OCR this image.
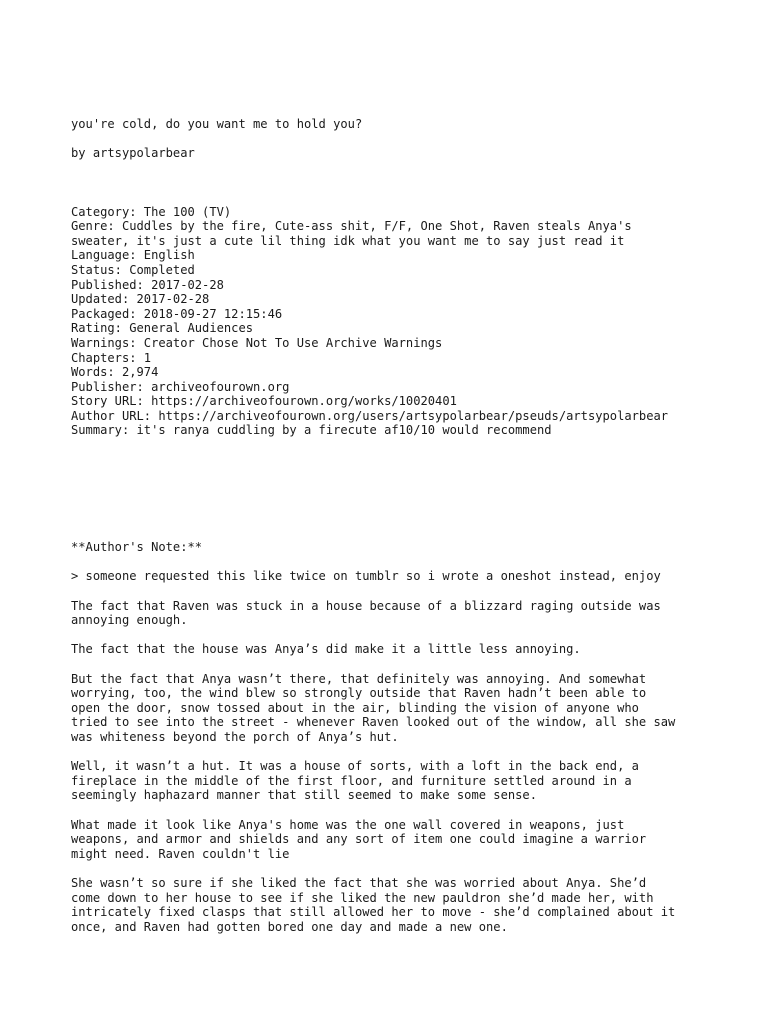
you're cold, do you want me to hold you?
by artsypolarbear
Category: The 100 (TV)
Genre: Cuddles by the fire, Cute-ass shit, F/F, One Shot, Raven steals Anya's
sweater, it's just a cute lil thing idk what you want me to say just read it
Language: English
Status: Completed
Published: 2017-02-28
Updated: 2017-02-28
Packaged: 2018-09-27 12:15:46
Rating: General Audiences
Warnings: Creator Chose Not To Use Archive Warnings
Chapters: 1
Words: 2,974
Publisher: archiveofourown.org
Story URL: https://archiveofourown.org/works/10020401
Author URL: https://archiveofourown.org/users/artsypolarbear/pseuds/artsypolarbear
Summary: it's ranya cuddling by a firecute af10/10 would recommend
**Author's Note:**
> someone requested this like twice on tumblr so i wrote a oneshot instead, enjoy
The fact that Raven was stuck in a house because of a blizzard raging outside was
annoying enough.
The fact that the house was Anya’s did make it a little less annoying.
But the fact that Anya wasn’t there, that definitely was annoying. And somewhat
worrying, too, the wind blew so strongly outside that Raven hadn’t been able to
open the door, snow tossed about in the air, blinding the vision of anyone who
tried to see into the street - whenever Raven looked out of the window, all she saw
was whiteness beyond the porch of Anya’s hut.
Well, it wasn’t a hut. It was a house of sorts, with a loft in the back end, a
fireplace in the middle of the first floor, and furniture settled around in a
seemingly haphazard manner that still seemed to make some sense.
What made it look like Anya's home was the one wall covered in weapons, just
weapons, and armor and shields and any sort of item one could imagine a warrior
might need. Raven couldn't lie
She wasn’t so sure if she liked the fact that she was worried about Anya. She’d
come down to her house to see if she liked the new pauldron she’d made her, with
intricately fixed clasps that still allowed her to move - she’d complained about it
once, and Raven had gotten bored one day and made a new one.
